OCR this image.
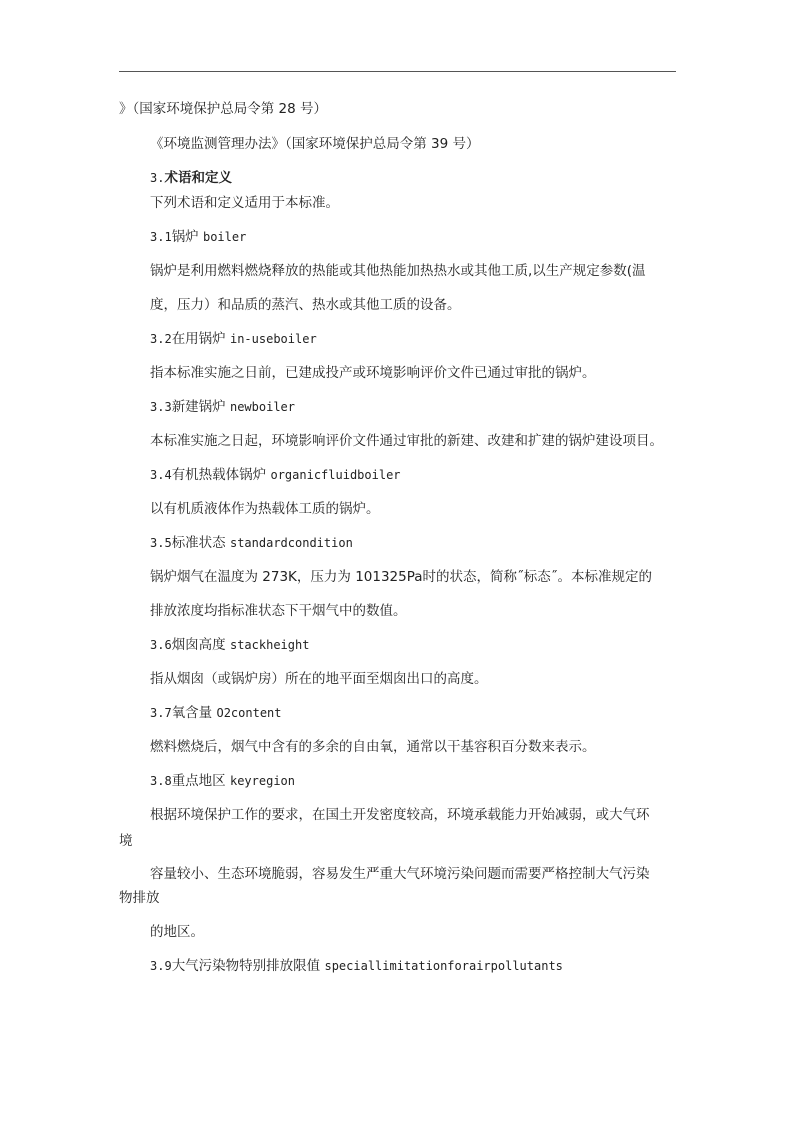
》（国家环境保护总局令第 28 号）
《环境监测管理办法》（国家环境保护总局令第 39 号）
3.术语和定义
下列术语和定义适用于本标准。
3.1锅炉 boiler
锅炉是利用燃料燃烧释放的热能或其他热能加热热水或其他工质,以生产规定参数(温
度，压力）和品质的蒸汽、热水或其他工质的设备。
3.2在用锅炉 in-useboiler
指本标准实施之日前，已建成投产或环境影响评价文件已通过审批的锅炉。
3.3新建锅炉 newboiler
本标准实施之日起，环境影响评价文件通过审批的新建、改建和扩建的锅炉建设项目。
3.4有机热载体锅炉 organicfluidboiler
以有机质液体作为热载体工质的锅炉。
3.5标准状态 standardcondition
锅炉烟气在温度为 273K，压力为 101325Pa时的状态，简称˝标态˝。本标准规定的
排放浓度均指标准状态下干烟气中的数值。
3.6烟囱高度 stackheight
指从烟囱（或锅炉房）所在的地平面至烟囱出口的高度。
3.7氧含量 O2content
燃料燃烧后，烟气中含有的多余的自由氧，通常以干基容积百分数来表示。
3.8重点地区 keyregion
根据环境保护工作的要求，在国土开发密度较高，环境承载能力开始减弱，或大气环
境
容量较小、生态环境脆弱，容易发生严重大气环境污染问题而需要严格控制大气污染
物排放
的地区。
3.9大气污染物特别排放限值 speciallimitationforairpollutants
